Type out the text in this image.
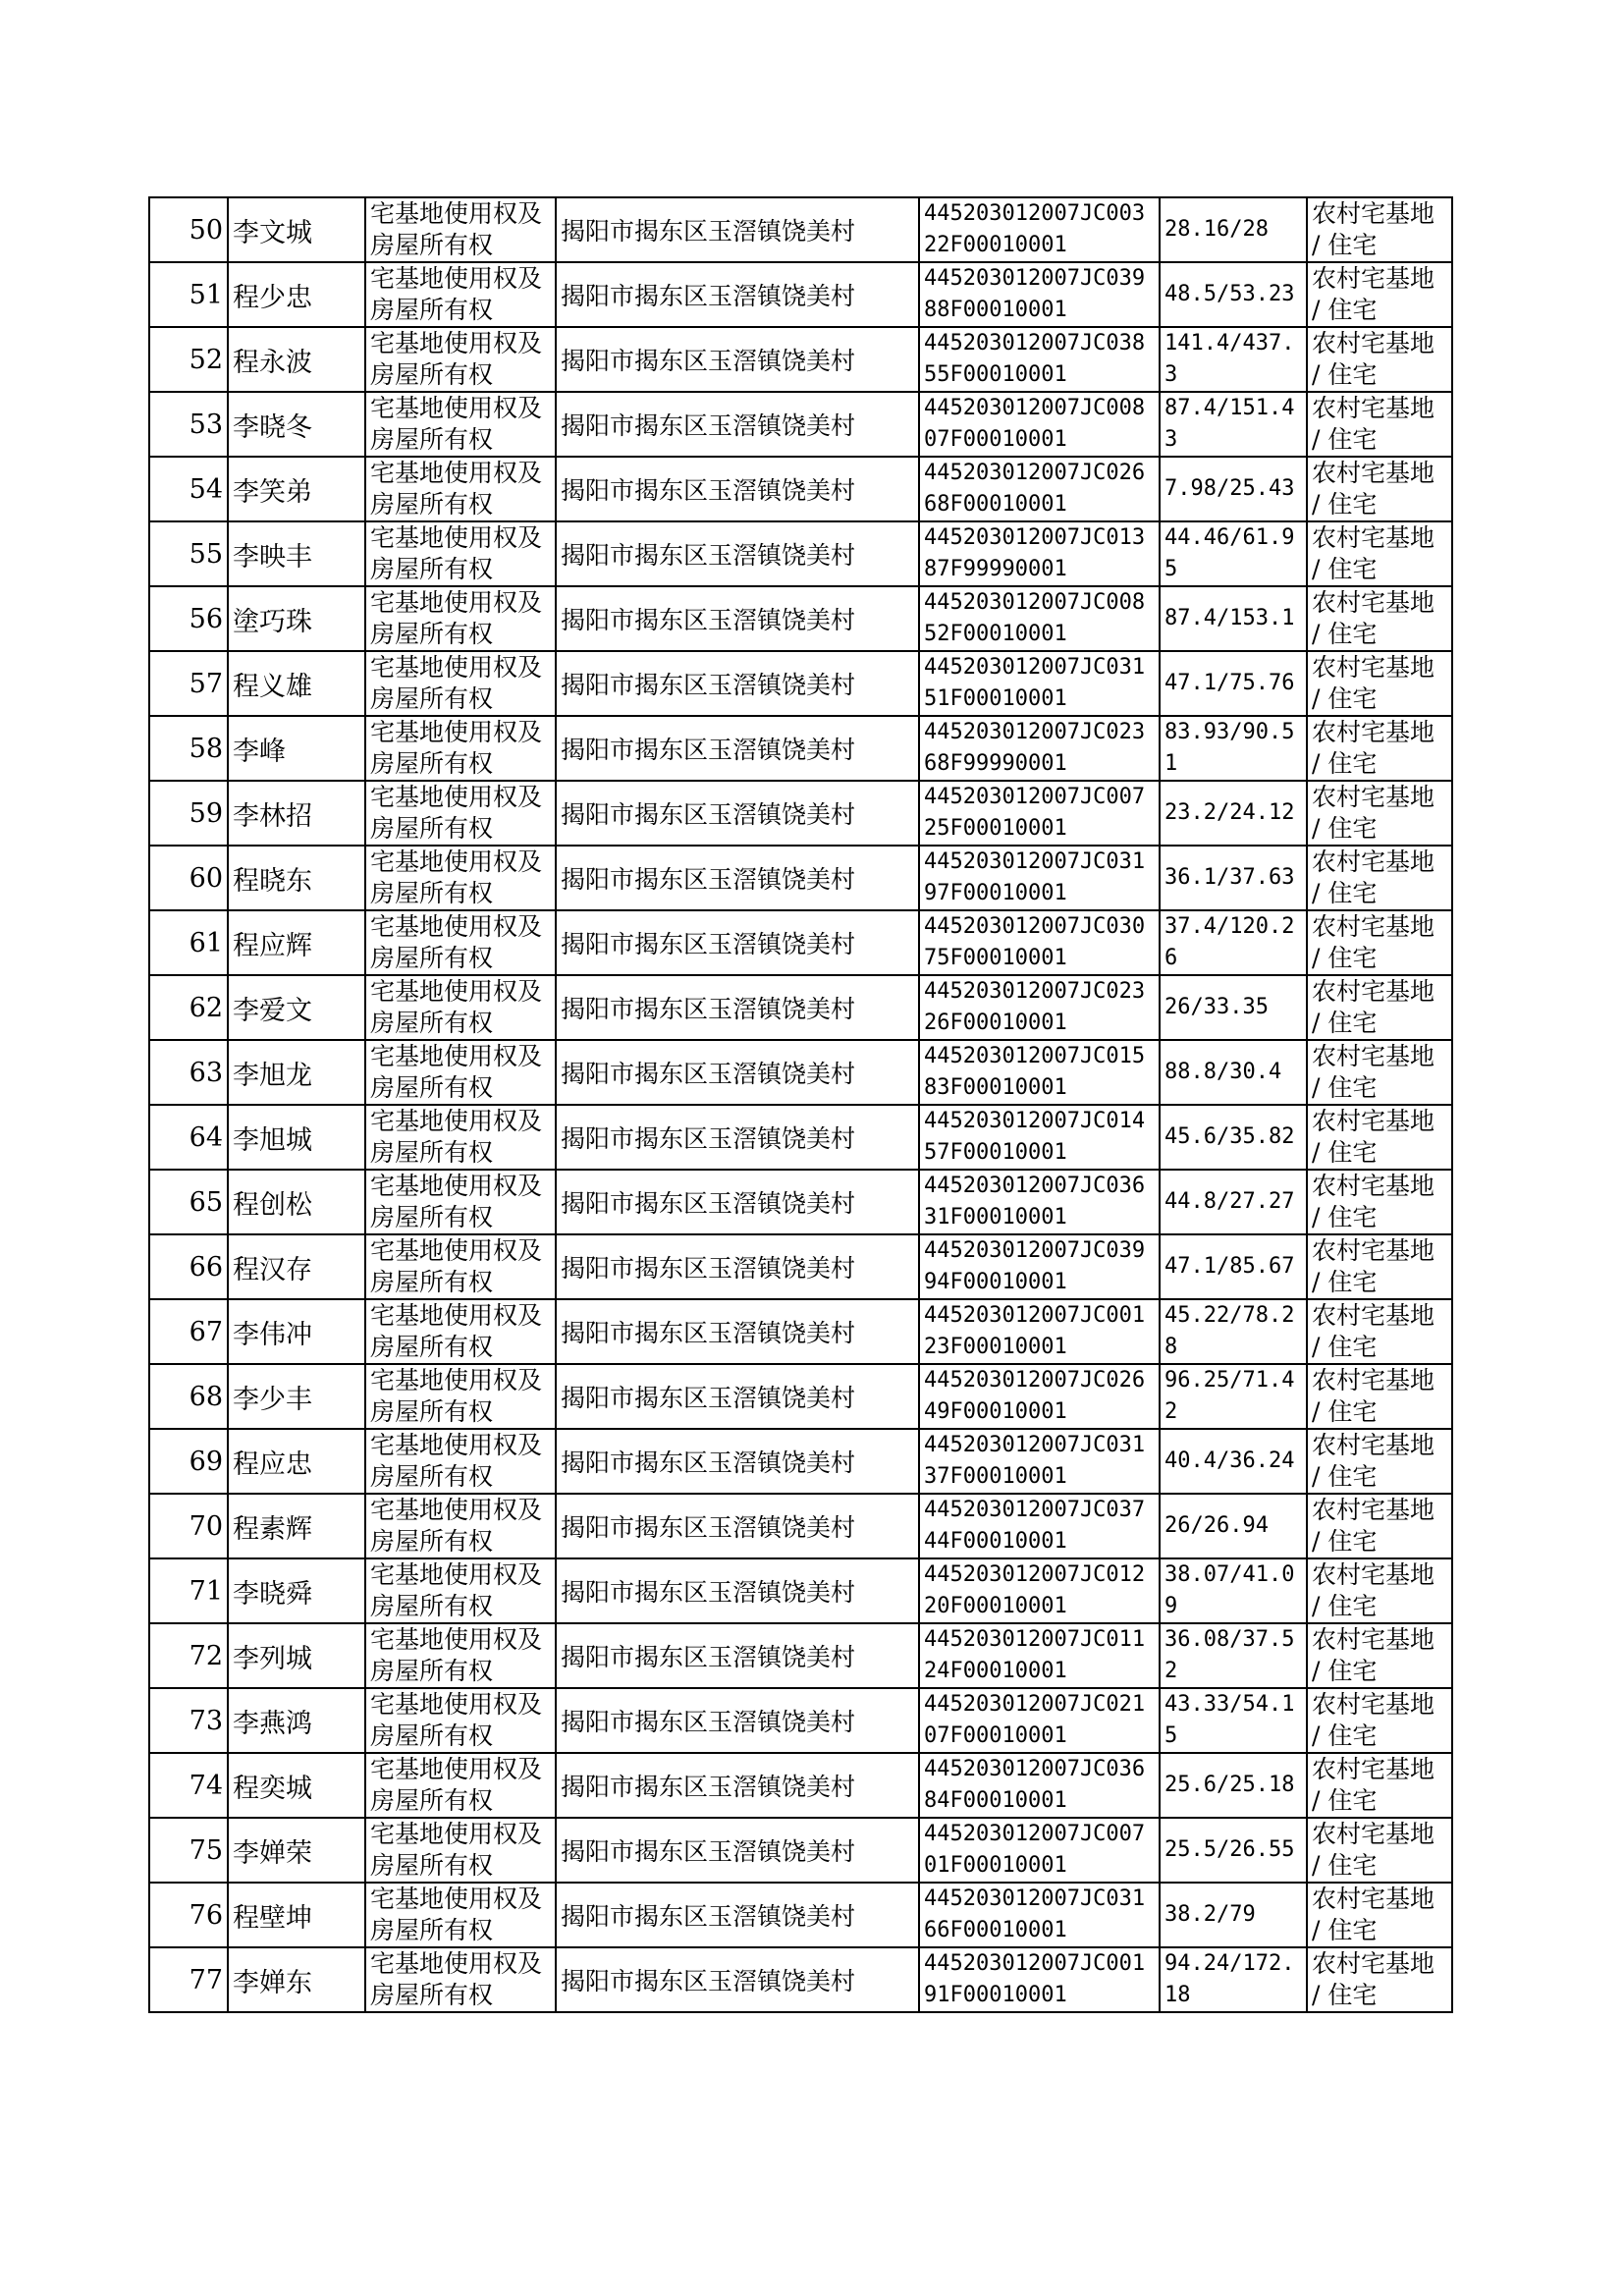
50	李文城	宅基地使用权及房屋所有权	揭阳市揭东区玉滘镇饶美村	445203012007JC00322F00010001	28.16/28	农村宅基地 / 住宅
51	程少忠	宅基地使用权及房屋所有权	揭阳市揭东区玉滘镇饶美村	445203012007JC03988F00010001	48.5/53.23	农村宅基地 / 住宅
52	程永波	宅基地使用权及房屋所有权	揭阳市揭东区玉滘镇饶美村	445203012007JC03855F00010001	141.4/437.3	农村宅基地 / 住宅
53	李晓冬	宅基地使用权及房屋所有权	揭阳市揭东区玉滘镇饶美村	445203012007JC00807F00010001	87.4/151.43	农村宅基地 / 住宅
54	李笑弟	宅基地使用权及房屋所有权	揭阳市揭东区玉滘镇饶美村	445203012007JC02668F00010001	7.98/25.43	农村宅基地 / 住宅
55	李映丰	宅基地使用权及房屋所有权	揭阳市揭东区玉滘镇饶美村	445203012007JC01387F99990001	44.46/61.95	农村宅基地 / 住宅
56	塗巧珠	宅基地使用权及房屋所有权	揭阳市揭东区玉滘镇饶美村	445203012007JC00852F00010001	87.4/153.1	农村宅基地 / 住宅
57	程义雄	宅基地使用权及房屋所有权	揭阳市揭东区玉滘镇饶美村	445203012007JC03151F00010001	47.1/75.76	农村宅基地 / 住宅
58	李峰	宅基地使用权及房屋所有权	揭阳市揭东区玉滘镇饶美村	445203012007JC02368F99990001	83.93/90.51	农村宅基地 / 住宅
59	李林招	宅基地使用权及房屋所有权	揭阳市揭东区玉滘镇饶美村	445203012007JC00725F00010001	23.2/24.12	农村宅基地 / 住宅
60	程晓东	宅基地使用权及房屋所有权	揭阳市揭东区玉滘镇饶美村	445203012007JC03197F00010001	36.1/37.63	农村宅基地 / 住宅
61	程应辉	宅基地使用权及房屋所有权	揭阳市揭东区玉滘镇饶美村	445203012007JC03075F00010001	37.4/120.26	农村宅基地 / 住宅
62	李爱文	宅基地使用权及房屋所有权	揭阳市揭东区玉滘镇饶美村	445203012007JC02326F00010001	26/33.35	农村宅基地 / 住宅
63	李旭龙	宅基地使用权及房屋所有权	揭阳市揭东区玉滘镇饶美村	445203012007JC01583F00010001	88.8/30.4	农村宅基地 / 住宅
64	李旭城	宅基地使用权及房屋所有权	揭阳市揭东区玉滘镇饶美村	445203012007JC01457F00010001	45.6/35.82	农村宅基地 / 住宅
65	程创松	宅基地使用权及房屋所有权	揭阳市揭东区玉滘镇饶美村	445203012007JC03631F00010001	44.8/27.27	农村宅基地 / 住宅
66	程汉存	宅基地使用权及房屋所有权	揭阳市揭东区玉滘镇饶美村	445203012007JC03994F00010001	47.1/85.67	农村宅基地 / 住宅
67	李伟冲	宅基地使用权及房屋所有权	揭阳市揭东区玉滘镇饶美村	445203012007JC00123F00010001	45.22/78.28	农村宅基地 / 住宅
68	李少丰	宅基地使用权及房屋所有权	揭阳市揭东区玉滘镇饶美村	445203012007JC02649F00010001	96.25/71.42	农村宅基地 / 住宅
69	程应忠	宅基地使用权及房屋所有权	揭阳市揭东区玉滘镇饶美村	445203012007JC03137F00010001	40.4/36.24	农村宅基地 / 住宅
70	程素辉	宅基地使用权及房屋所有权	揭阳市揭东区玉滘镇饶美村	445203012007JC03744F00010001	26/26.94	农村宅基地 / 住宅
71	李晓舜	宅基地使用权及房屋所有权	揭阳市揭东区玉滘镇饶美村	445203012007JC01220F00010001	38.07/41.09	农村宅基地 / 住宅
72	李列城	宅基地使用权及房屋所有权	揭阳市揭东区玉滘镇饶美村	445203012007JC01124F00010001	36.08/37.52	农村宅基地 / 住宅
73	李燕鸿	宅基地使用权及房屋所有权	揭阳市揭东区玉滘镇饶美村	445203012007JC02107F00010001	43.33/54.15	农村宅基地 / 住宅
74	程奕城	宅基地使用权及房屋所有权	揭阳市揭东区玉滘镇饶美村	445203012007JC03684F00010001	25.6/25.18	农村宅基地 / 住宅
75	李婵荣	宅基地使用权及房屋所有权	揭阳市揭东区玉滘镇饶美村	445203012007JC00701F00010001	25.5/26.55	农村宅基地 / 住宅
76	程壁坤	宅基地使用权及房屋所有权	揭阳市揭东区玉滘镇饶美村	445203012007JC03166F00010001	38.2/79	农村宅基地 / 住宅
77	李婵东	宅基地使用权及房屋所有权	揭阳市揭东区玉滘镇饶美村	445203012007JC00191F00010001	94.24/172.18	农村宅基地 / 住宅
